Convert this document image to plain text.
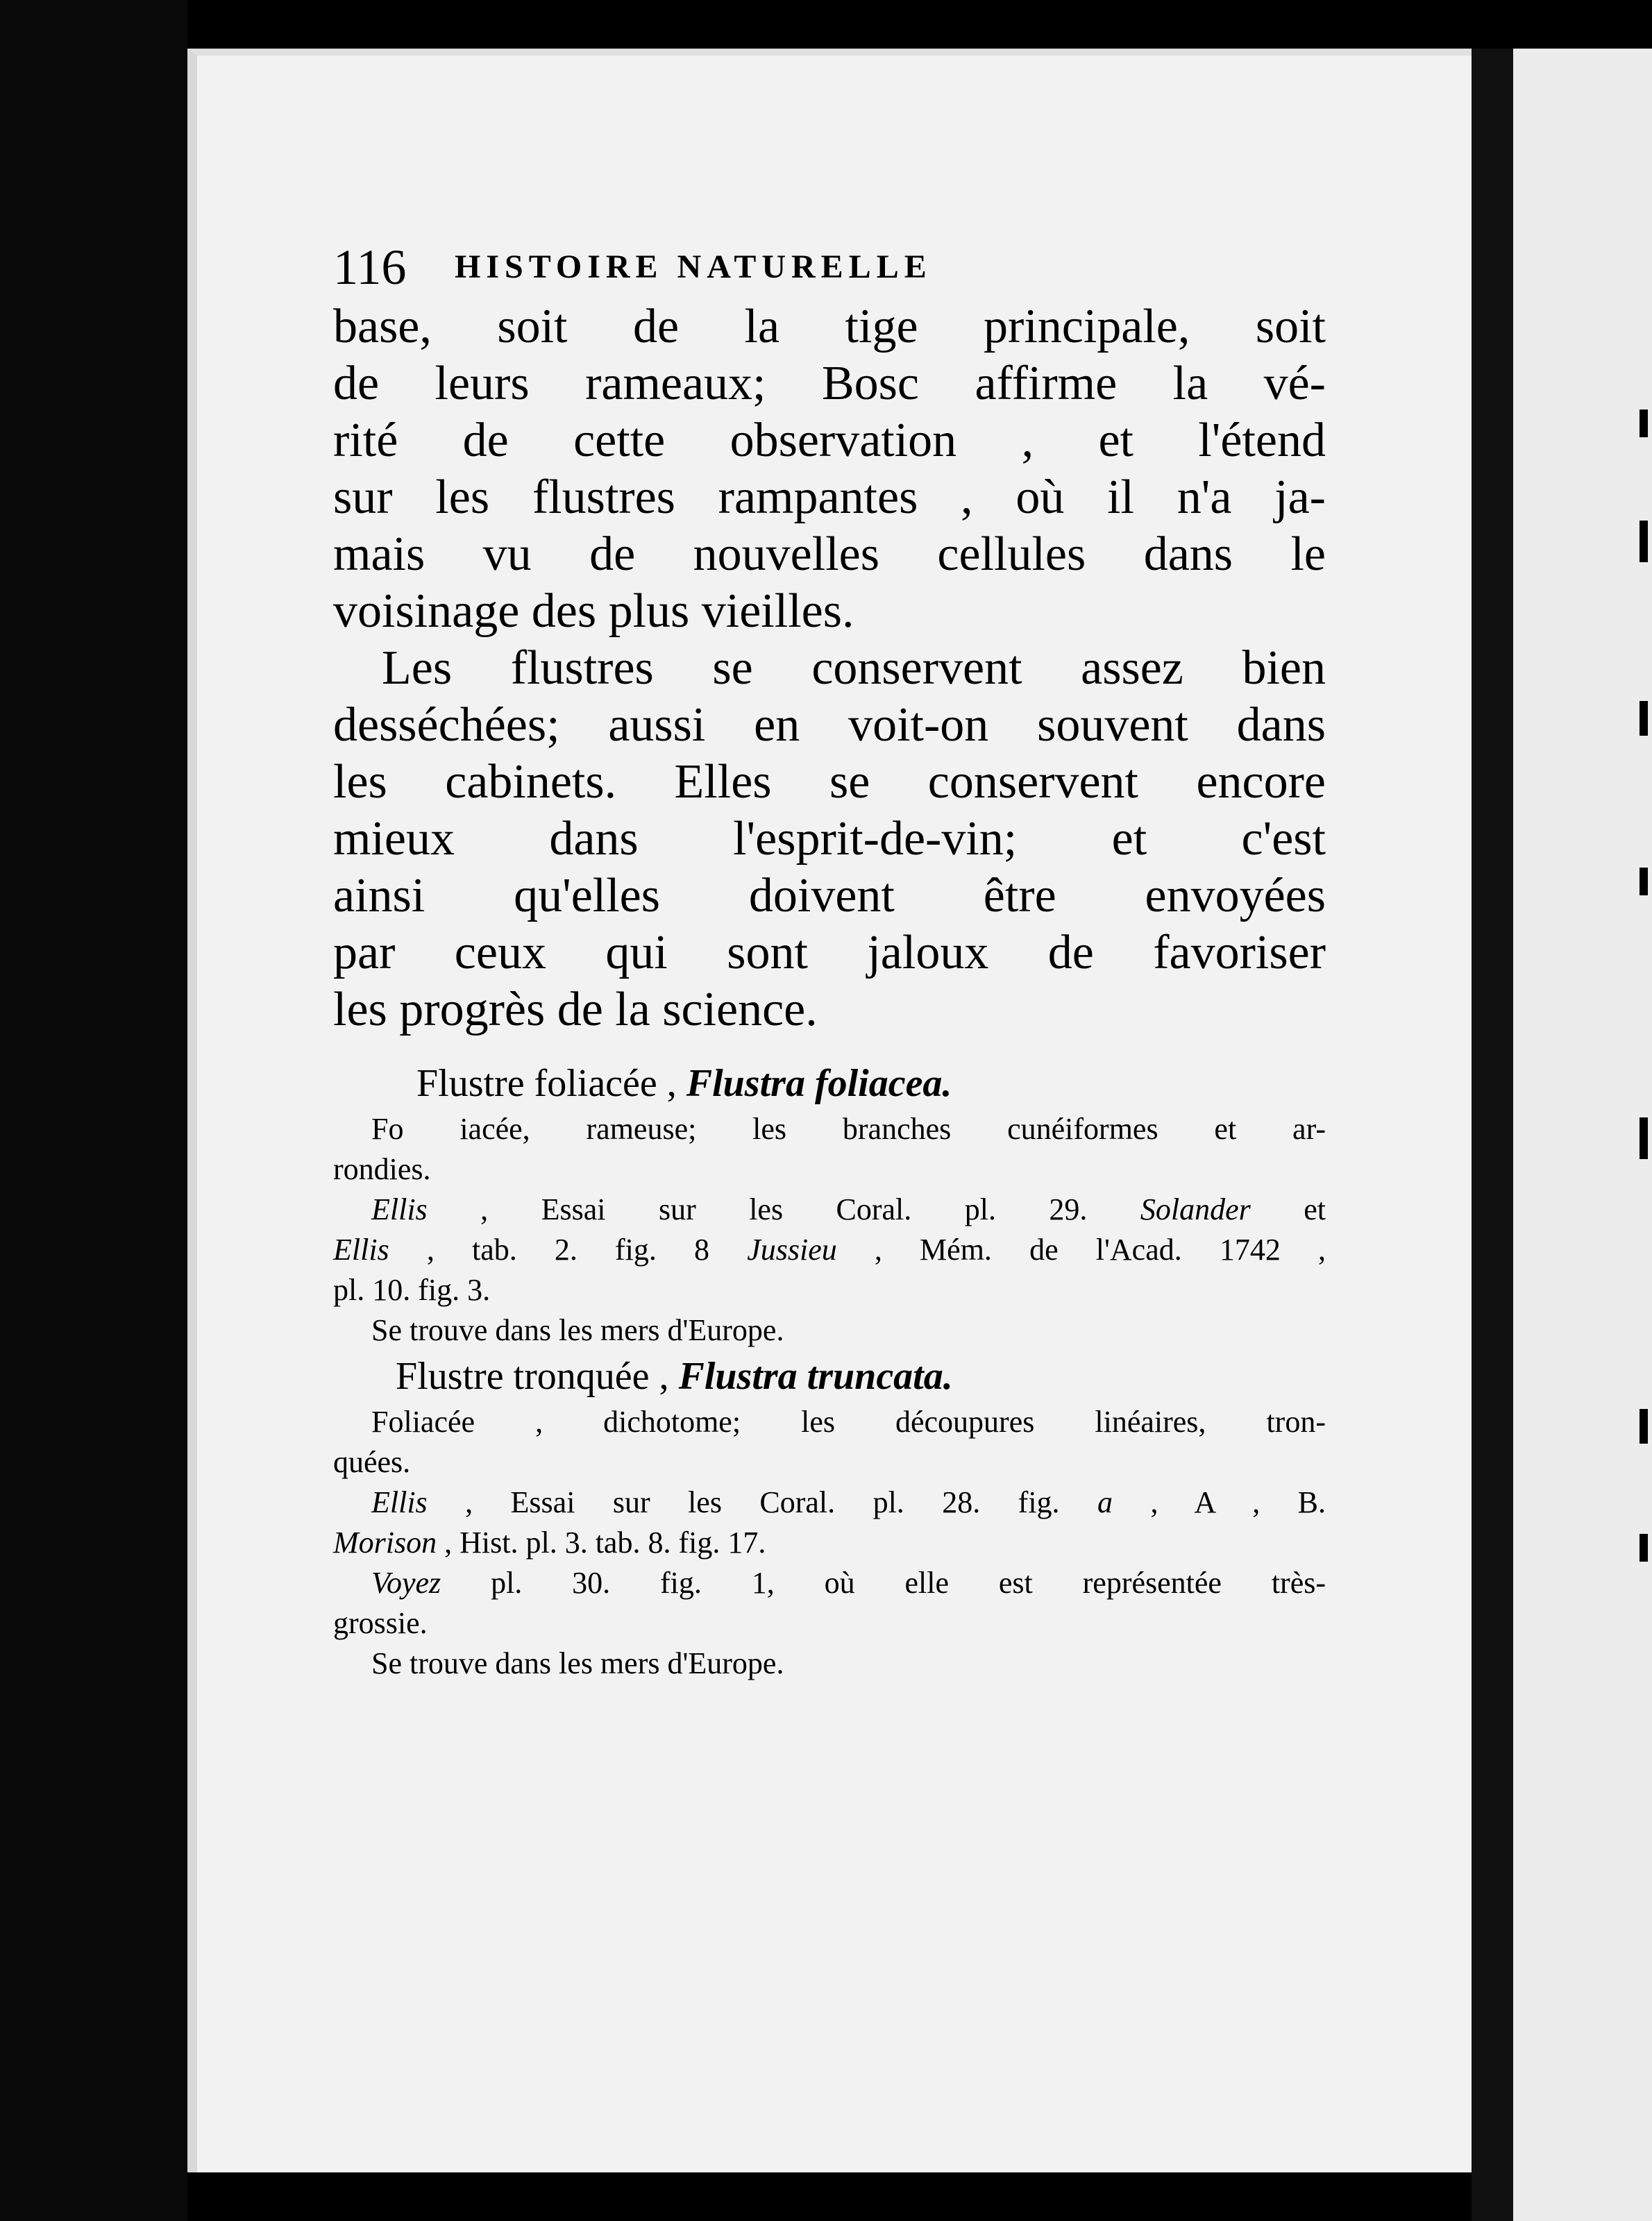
116 HISTOIRE NATURELLE
base, soit de la tige principale, soit
de leurs rameaux; Bosc affirme la vé-
rité de cette observation , et l'étend
sur les flustres rampantes , où il n'a ja-
mais vu de nouvelles cellules dans le
voisinage des plus vieilles.
Les flustres se conservent assez bien
desséchées; aussi en voit-on souvent dans
les cabinets. Elles se conservent encore
mieux dans l'esprit-de-vin; et c'est
ainsi qu'elles doivent être envoyées
par ceux qui sont jaloux de favoriser
les progrès de la science.
Flustre foliacée , Flustra foliacea.
Fo iacée, rameuse; les branches cunéiformes et ar-
rondies.
Ellis , Essai sur les Coral. pl. 29. Solander et
Ellis , tab. 2. fig. 8 Jussieu , Mém. de l'Acad. 1742 ,
pl. 10. fig. 3.
Se trouve dans les mers d'Europe.
Flustre tronquée , Flustra truncata.
Foliacée , dichotome; les découpures linéaires, tron-
quées.
Ellis , Essai sur les Coral. pl. 28. fig. a , A , B.
Morison , Hist. pl. 3. tab. 8. fig. 17.
Voyez pl. 30. fig. 1, où elle est représentée très-
grossie.
Se trouve dans les mers d'Europe.
